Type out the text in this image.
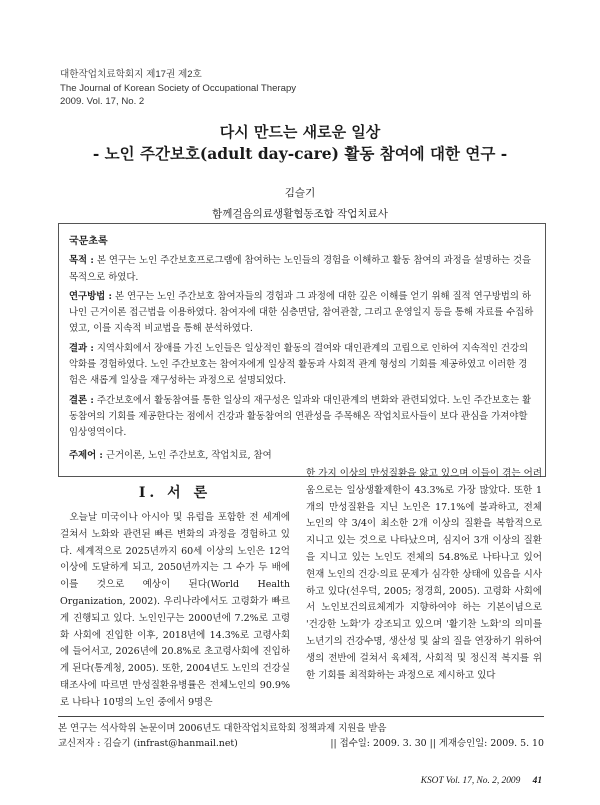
대한작업치료학회지 제17권 제2호
The Journal of Korean Society of Occupational Therapy
2009. Vol. 17, No. 2
다시 만드는 새로운 일상
- 노인 주간보호(adult day-care) 활동 참여에 대한 연구 -
김슬기
함께걸음의료생활협동조합 작업치료사
국문초록
목적 : 본 연구는 노인 주간보호프로그램에 참여하는 노인들의 경험을 이해하고 활동 참여의 과정을 설명하는 것을 목적으로 하였다.
연구방법 : 본 연구는 노인 주간보호 참여자들의 경험과 그 과정에 대한 깊은 이해를 얻기 위해 질적 연구방법의 하나인 근거이론 접근법을 이용하였다. 참여자에 대한 심층면담, 참여관찰, 그리고 운영일지 등을 통해 자료를 수집하였고, 이를 지속적 비교법을 통해 분석하였다.
결과 : 지역사회에서 장애를 가진 노인들은 일상적인 활동의 결여와 대인관계의 고립으로 인하여 지속적인 건강의 악화를 경험하였다. 노인 주간보호는 참여자에게 일상적 활동과 사회적 관계 형성의 기회를 제공하였고 이러한 경험은 새롭게 일상을 재구성하는 과정으로 설명되었다.
결론 : 주간보호에서 활동참여를 통한 일상의 재구성은 일과와 대인관계의 변화와 관련되었다. 노인 주간보호는 활동참여의 기회를 제공한다는 점에서 건강과 활동참여의 연관성을 주목해온 작업치료사들이 보다 관심을 가져야할 임상영역이다.
주제어 : 근거이론, 노인 주간보호, 작업치료, 참여
Ⅰ. 서 론
오늘날 미국이나 아시아 및 유럽을 포함한 전 세계에 걸쳐서 노화와 관련된 빠른 변화의 과정을 경험하고 있다. 세계적으로 2025년까지 60세 이상의 노인은 12억이상에 도달하게 되고, 2050년까지는 그 수가 두 배에 이를 것으로 예상이 된다(World Health Organization, 2002). 우리나라에서도 고령화가 빠르게 진행되고 있다. 노인인구는 2000년에 7.2%로 고령화 사회에 진입한 이후, 2018년에 14.3%로 고령사회에 들어서고, 2026년에 20.8%로 초고령사회에 진입하게 된다(통계청, 2005). 또한, 2004년도 노인의 건강실태조사에 따르면 만성질환유병률은 전체노인의 90.9%로 나타나 10명의 노인 중에서 9명은
한 가지 이상의 만성질환을 앓고 있으며 이들이 겪는 어려움으로는 일상생활제한이 43.3%로 가장 많았다. 또한 1개의 만성질환을 지닌 노인은 17.1%에 불과하고, 전체 노인의 약 3/4이 최소한 2개 이상의 질환을 복합적으로 지니고 있는 것으로 나타났으며, 심지어 3개 이상의 질환을 지니고 있는 노인도 전체의 54.8%로 나타나고 있어 현재 노인의 건강·의료 문제가 심각한 상태에 있음을 시사하고 있다(선우덕, 2005; 정경희, 2005). 고령화 사회에서 노인보건의료체계가 지향하여야 하는 기본이념으로 '건강한 노화'가 강조되고 있으며 '활기찬 노화'의 의미를 노년기의 건강수명, 생산성 및 삶의 질을 연장하기 위하여 생의 전반에 걸쳐서 육체적, 사회적 및 정신적 복지를 위한 기회를 최적화하는 과정으로 제시하고 있다
본 연구는 석사학위 논문이며 2006년도 대한작업치료학회 정책과제 지원을 받음
교신저자 : 김슬기 (infrast@hanmail.net)	|| 접수일: 2009. 3. 30 || 게재승인일: 2009. 5. 10
KSOT Vol. 17, No. 2, 2009 41
